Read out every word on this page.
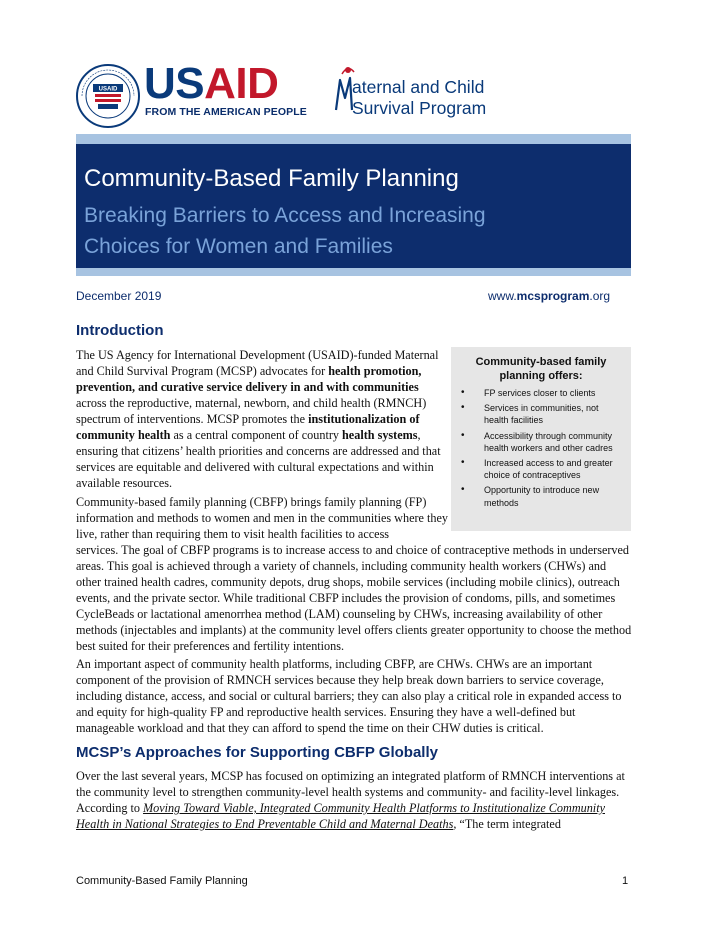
USAID USAID
FROM THE AMERICAN PEOPLE
aternal and Child
Survival Program
Community-Based Family Planning
Breaking Barriers to Access and Increasing
Choices for Women and Families
December 2019	www.mcsprogram.org
Introduction

The US Agency for International Development (USAID)-funded Maternal and Child Survival Program (MCSP) advocates for health promotion, prevention, and curative service delivery in and with communities across the reproductive, maternal, newborn, and child health (RMNCH) spectrum of interventions. MCSP promotes the institutionalization of community health as a central component of country health systems, ensuring that citizens’ health priorities and concerns are addressed and that services are equitable and delivered with cultural expectations and within available resources.

Community-based family planning (CBFP) brings family planning (FP) information and methods to women and men in the communities where they live, rather than requiring them to visit health facilities to access

services. The goal of CBFP programs is to increase access to and choice of contraceptive methods in underserved areas. This goal is achieved through a variety of channels, including community health workers (CHWs) and other trained health cadres, community depots, drug shops, mobile services (including mobile clinics), outreach events, and the private sector. While traditional CBFP includes the provision of condoms, pills, and sometimes CycleBeads or lactational amenorrhea method (LAM) counseling by CHWs, increasing availability of other methods (injectables and implants) at the community level offers clients greater opportunity to choose the method best suited for their preferences and fertility intentions.

An important aspect of community health platforms, including CBFP, are CHWs. CHWs are an important component of the provision of RMNCH services because they help break down barriers to service coverage, including distance, access, and social or cultural barriers; they can also play a critical role in expanded access to and equity for high-quality FP and reproductive health services. Ensuring they have a well-defined but manageable workload and that they can afford to spend the time on their CHW duties is critical.

Community-based family planning offers:
• FP services closer to clients
• Services in communities, not health facilities
• Accessibility through community health workers and other cadres
• Increased access to and greater choice of contraceptives
• Opportunity to introduce new methods
MCSP’s Approaches for Supporting CBFP Globally

Over the last several years, MCSP has focused on optimizing an integrated platform of RMNCH interventions at the community level to strengthen community-level health systems and community- and facility-level linkages. According to Moving Toward Viable, Integrated Community Health Platforms to Institutionalize Community Health in National Strategies to End Preventable Child and Maternal Deaths, “The term integrated

Community-Based Family Planning	1
